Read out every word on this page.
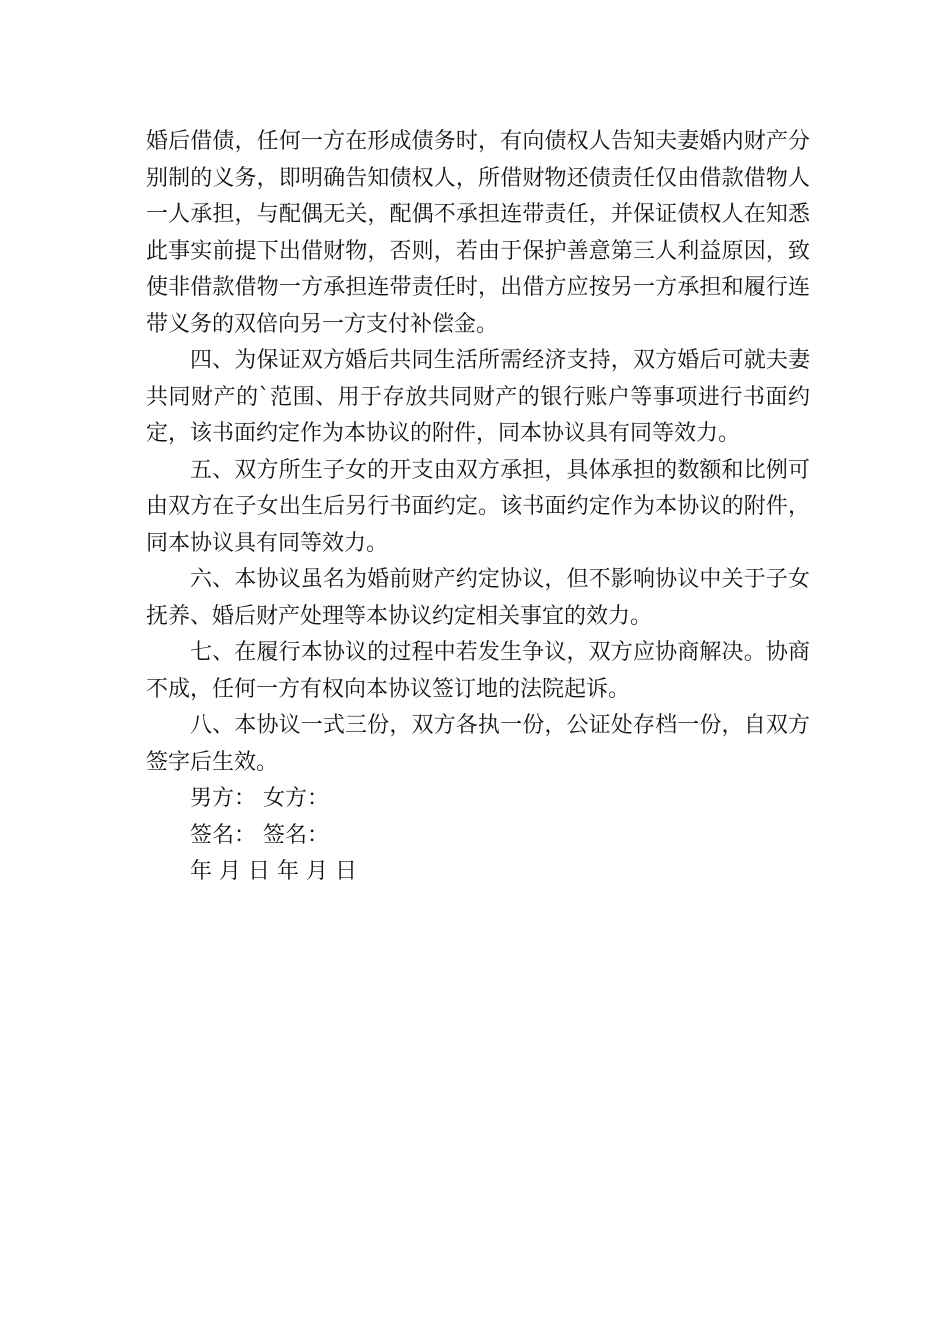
婚后借债，任何一方在形成债务时，有向债权人告知夫妻婚内财产分别制的义务，即明确告知债权人，所借财物还债责任仅由借款借物人一人承担，与配偶无关，配偶不承担连带责任，并保证债权人在知悉此事实前提下出借财物，否则，若由于保护善意第三人利益原因，致使非借款借物一方承担连带责任时，出借方应按另一方承担和履行连带义务的双倍向另一方支付补偿金。

四、为保证双方婚后共同生活所需经济支持，双方婚后可就夫妻共同财产的`范围、用于存放共同财产的银行账户等事项进行书面约定，该书面约定作为本协议的附件，同本协议具有同等效力。

五、双方所生子女的开支由双方承担，具体承担的数额和比例可由双方在子女出生后另行书面约定。该书面约定作为本协议的附件，同本协议具有同等效力。

六、本协议虽名为婚前财产约定协议，但不影响协议中关于子女抚养、婚后财产处理等本协议约定相关事宜的效力。

七、在履行本协议的过程中若发生争议，双方应协商解决。协商不成，任何一方有权向本协议签订地的法院起诉。

八、本协议一式三份，双方各执一份，公证处存档一份，自双方签字后生效。

男方： 女方：

签名： 签名：

年 月 日 年 月 日
